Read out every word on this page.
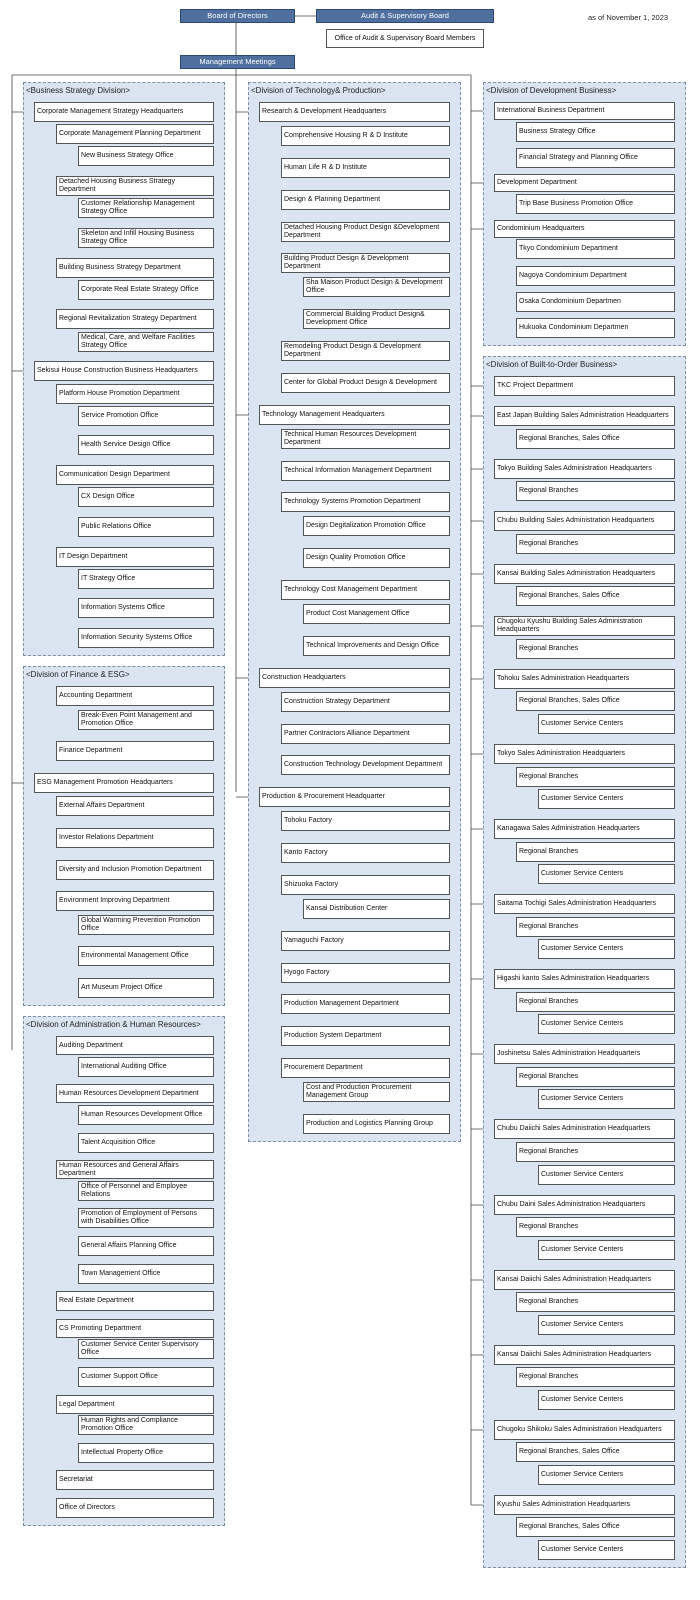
as of November 1, 2023
Board of Directors	Audit & Supervisory Board
Office of Audit & Supervisory Board Members
Management Meetings
<Business Strategy Division>
Corporate Management Strategy Headquarters
Corporate Management Planning Department
New Business Strategy Office
Detached Housing Business Strategy Department
Customer Relationship Management Strategy Office
Skeleton and Infill Housing Business Strategy Office
Building Business Strategy Department
Corporate Real Estate Strategy Office
Regional Revitalization Strategy Department
Medical, Care, and Welfare Facilities Strategy Office
Sekisui House Construction Business Headquarters
Platform House Promotion Department
Service Promotion Office
Health Service Design Office
Communication Design Department
CX Design Office
Public Relations Office
IT Design Department
IT Strategy Office
Information Systems Office
Information Security Systems Office
<Division of Finance & ESG>
Accounting Department
Break-Even Point Management and Promotion Office
Finance Department
ESG Management Promotion Headquarters
External Affairs Department
Investor Relations Department
Diversity and Inclusion Promotion Department
Environment Improving Department
Global Warming Prevention Promotion Office
Environmental Management Office
Art Museum Project Office
<Division of Administration & Human Resources>
Auditing Department
International Auditing Office
Human Resources Development Department
Human Resources Development Office
Talent Acquisition Office
Human Resources and General Affairs Department
Office of Personnel and Employee Relations
Promotion of Employment of Persons with Disabilities Office
General Affairs Planning Office
Town Management Office
Real Estate Department
CS Promoting Department
Customer Service Center Supervisory Office
Customer Support Office
Legal Department
Human Rights and Compliance Promotion Office
Intellectual Property Office
Secretariat
Office of Directors
<Division of Technology& Production>
Research & Development Headquarters
Comprehensive Housing R & D Institute
Human Life R & D Institute
Design & Planning Department
Detached Housing Product Design &Development Department
Building Product Design & Development Department
Sha Maison Product Design & Development Office
Commercial Building Product Design& Development Office
Remodeling Product Design & Development Department
Center for Global Product Design & Development
Technology Management Headquarters
Technical Human Resources Development Department
Technical Information Management Department
Technology Systems Promotion Department
Design Degitalization Promotion Office
Design Quality Promotion Office
Technology Cost Management Department
Product Cost Management Office
Technical Improvements and Design Office
Construction Headquarters
Construction Strategy Department
Partner Contractors Alliance Department
Construction Technology Development Department
Production & Procurement Headquarter
Tohoku Factory
Kanto Factory
Shizuoka Factory
Kansai Distribution Center
Yamaguchi Factory
Hyogo Factory
Production Management Department
Production System Department
Procurement Department
Cost and Production Procurement Management Group
Production and Logistics Planning Group
<Division of Development Business>
International Business Department
Business Strategy Office
Financial Strategy and Planning Office
Development Department
Trip Base Business Promotion Office
Condominium Headquarters
Tkyo Condominium Department
Nagoya Condominium Department
Osaka Condominium Departmen
Hukuoka Condominium Departmen
<Division of Built-to-Order Business>
TKC Project Department
East Japan Building Sales Administration Headquarters
Regional Branches, Sales Office
Tokyo Building Sales Administration Headquarters
Regional Branches
Chubu Building Sales Administration Headquarters
Regional Branches
Kansai Building Sales Administration Headquarters
Regional Branches, Sales Office
Chugoku Kyushu Building Sales Administration Headquarters
Regional Branches
Tohoku Sales Administration Headquarters
Regional Branches, Sales Office
Customer Service Centers
Tokyo Sales Administration Headquarters
Regional Branches
Customer Service Centers
Kanagawa Sales Administration Headquarters
Regional Branches
Customer Service Centers
Saitama Tochigi Sales Administration Headquarters
Regional Branches
Customer Service Centers
Higashi kanto Sales Administration Headquarters
Regional Branches
Customer Service Centers
Joshinetsu Sales Administration Headquarters
Regional Branches
Customer Service Centers
Chubu Daiichi Sales Administration Headquarters
Regional Branches
Customer Service Centers
Chubu Daini Sales Administration Headquarters
Regional Branches
Customer Service Centers
Kansai Daiichi Sales Administration Headquarters
Regional Branches
Customer Service Centers
Kansai Daiichi Sales Administration Headquarters
Regional Branches
Customer Service Centers
Chugoku Shikoku Sales Administration Headquarters
Regional Branches, Sales Office
Customer Service Centers
Kyushu Sales Administration Headquarters
Regional Branches, Sales Office
Customer Service Centers
